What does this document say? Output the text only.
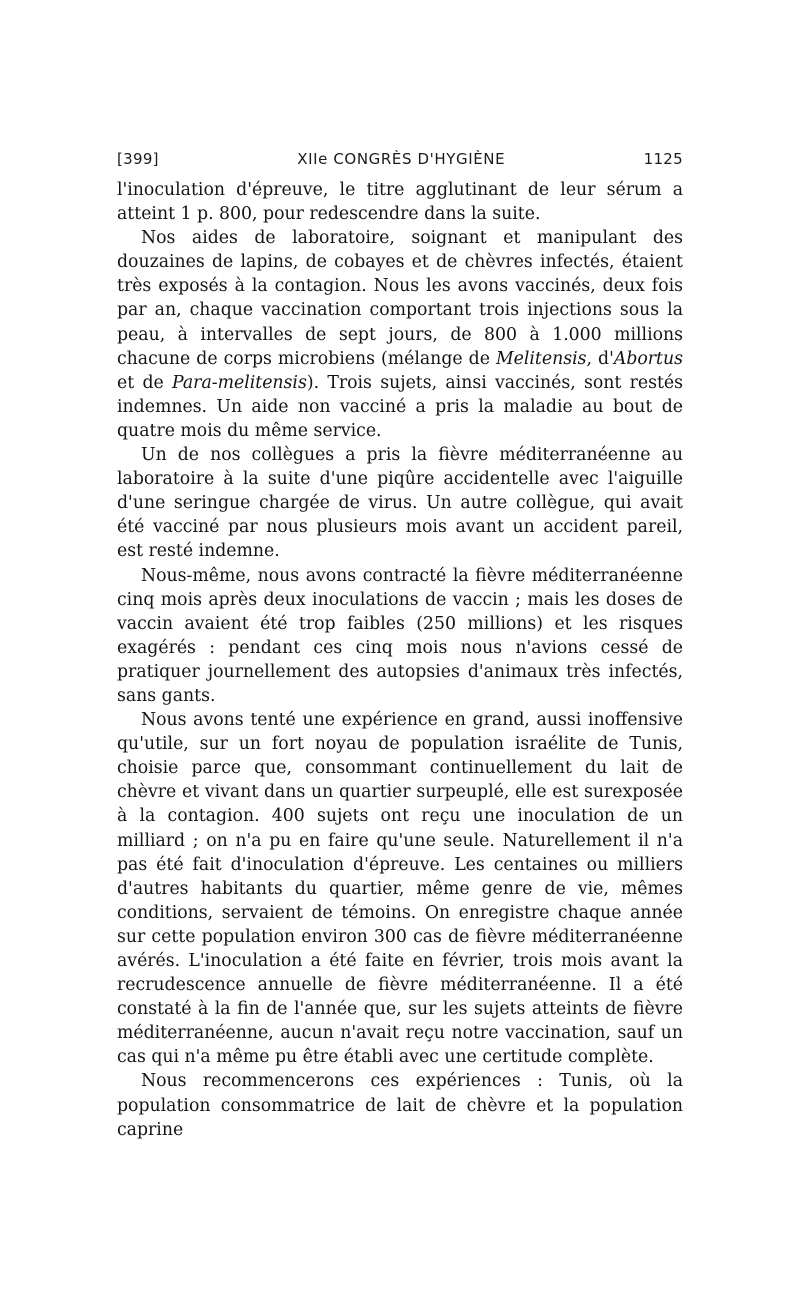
[399]	XIIe CONGRÈS D'HYGIÈNE	1125

l'inoculation d'épreuve, le titre agglutinant de leur sérum a atteint 1 p. 800, pour redescendre dans la suite.

Nos aides de laboratoire, soignant et manipulant des douzaines de lapins, de cobayes et de chèvres infectés, étaient très exposés à la contagion. Nous les avons vaccinés, deux fois par an, chaque vaccination comportant trois injections sous la peau, à intervalles de sept jours, de 800 à 1.000 millions chacune de corps microbiens (mélange de Melitensis, d'Abortus et de Para-melitensis). Trois sujets, ainsi vaccinés, sont restés indemnes. Un aide non vacciné a pris la maladie au bout de quatre mois du même service.

Un de nos collègues a pris la fièvre méditerranéenne au laboratoire à la suite d'une piqûre accidentelle avec l'aiguille d'une seringue chargée de virus. Un autre collègue, qui avait été vacciné par nous plusieurs mois avant un accident pareil, est resté indemne.

Nous-même, nous avons contracté la fièvre méditerranéenne cinq mois après deux inoculations de vaccin ; mais les doses de vaccin avaient été trop faibles (250 millions) et les risques exagérés : pendant ces cinq mois nous n'avions cessé de pratiquer journellement des autopsies d'animaux très infectés, sans gants.

Nous avons tenté une expérience en grand, aussi inoffensive qu'utile, sur un fort noyau de population israélite de Tunis, choisie parce que, consommant continuellement du lait de chèvre et vivant dans un quartier surpeuplé, elle est surexposée à la contagion. 400 sujets ont reçu une inoculation de un milliard ; on n'a pu en faire qu'une seule. Naturellement il n'a pas été fait d'inoculation d'épreuve. Les centaines ou milliers d'autres habitants du quartier, même genre de vie, mêmes conditions, servaient de témoins. On enregistre chaque année sur cette population environ 300 cas de fièvre méditerranéenne avérés. L'inoculation a été faite en février, trois mois avant la recrudescence annuelle de fièvre méditerranéenne. Il a été constaté à la fin de l'année que, sur les sujets atteints de fièvre méditerranéenne, aucun n'avait reçu notre vaccination, sauf un cas qui n'a même pu être établi avec une certitude complète.

Nous recommencerons ces expériences : Tunis, où la population consommatrice de lait de chèvre et la population caprine
